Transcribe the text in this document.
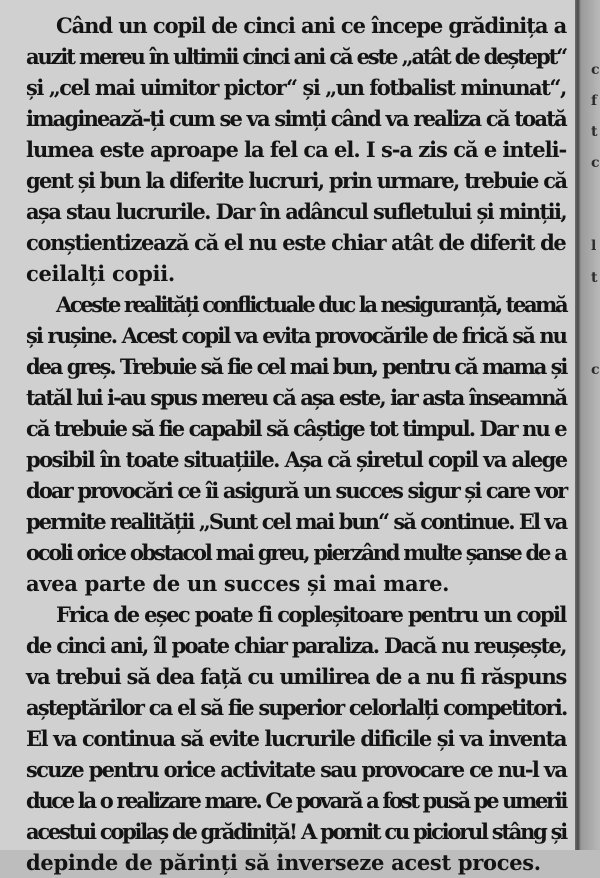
Când un copil de cinci ani ce începe grădinița a
auzit mereu în ultimii cinci ani că este „atât de deștept“
și „cel mai uimitor pictor“ și „un fotbalist minunat“,
imaginează-ți cum se va simți când va realiza că toată
lumea este aproape la fel ca el. I s-a zis că e inteli-
gent și bun la diferite lucruri, prin urmare, trebuie că
așa stau lucrurile. Dar în adâncul sufletului și minții,
conștientizează că el nu este chiar atât de diferit de
ceilalți copii.
Aceste realități conflictuale duc la nesiguranță, teamă
și rușine. Acest copil va evita provocările de frică să nu
dea greș. Trebuie să fie cel mai bun, pentru că mama și
tatăl lui i-au spus mereu că așa este, iar asta înseamnă
că trebuie să fie capabil să câștige tot timpul. Dar nu e
posibil în toate situațiile. Așa că șiretul copil va alege
doar provocări ce îi asigură un succes sigur și care vor
permite realității „Sunt cel mai bun“ să continue. El va
ocoli orice obstacol mai greu, pierzând multe șanse de a
avea parte de un succes și mai mare.
Frica de eșec poate fi copleșitoare pentru un copil
de cinci ani, îl poate chiar paraliza. Dacă nu reușește,
va trebui să dea față cu umilirea de a nu fi răspuns
așteptărilor ca el să fie superior celorlalți competitori.
El va continua să evite lucrurile dificile și va inventa
scuze pentru orice activitate sau provocare ce nu-l va
duce la o realizare mare. Ce povară a fost pusă pe umerii
acestui copilaș de grădiniță! A pornit cu piciorul stâng și
depinde de părinți să inverseze acest proces.
c
f
t
c
l
t
c
